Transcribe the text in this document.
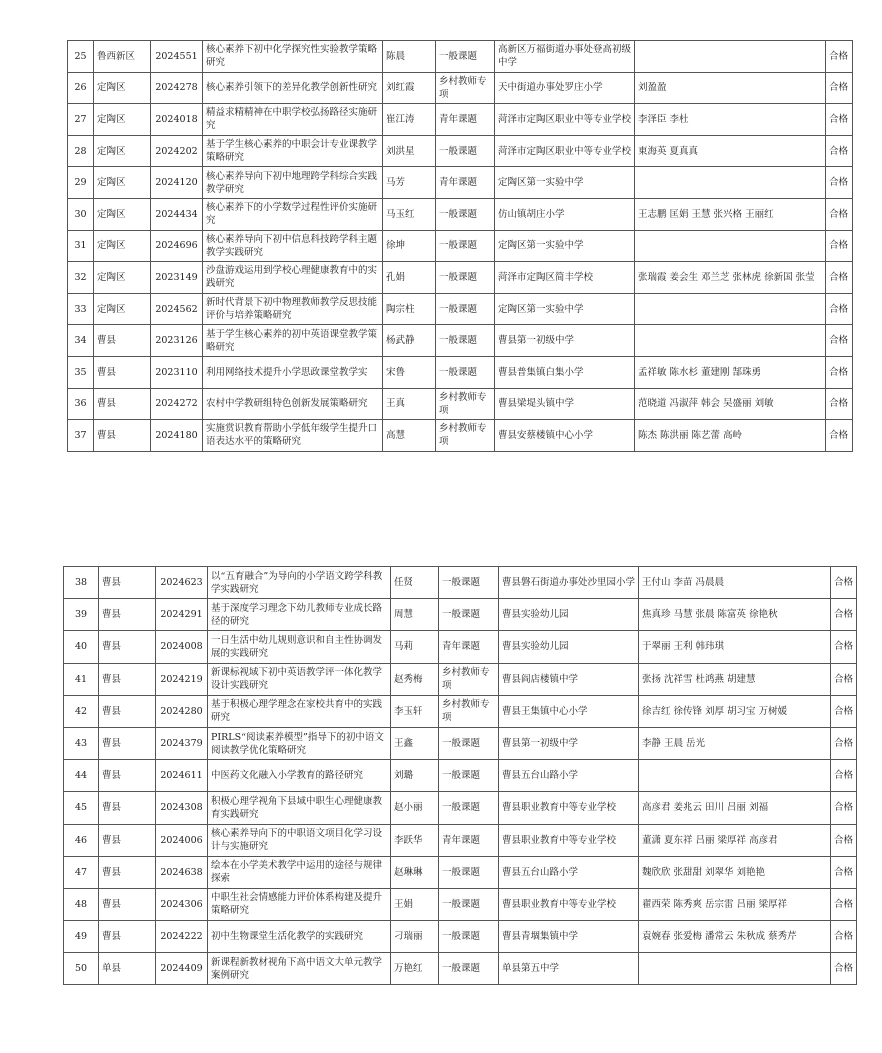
25	鲁西新区	2024551	核心素养下初中化学探究性实验教学策略研究	陈晨	一般课题	高新区万福街道办事处登高初级中学		合格
26	定陶区	2024278	核心素养引领下的差异化教学创新性研究	刘红霞	乡村教师专项	天中街道办事处罗庄小学	刘盈盈	合格
27	定陶区	2024018	精益求精精神在中职学校弘扬路径实施研究	崔江涛	青年课题	菏泽市定陶区职业中等专业学校	李泽臣 李杜	合格
28	定陶区	2024202	基于学生核心素养的中职会计专业课教学策略研究	刘洪星	一般课题	菏泽市定陶区职业中等专业学校	東海英 夏真真	合格
29	定陶区	2024120	核心素养导向下初中地理跨学科综合实践教学研究	马芳	青年课题	定陶区第一实验中学		合格
30	定陶区	2024434	核心素养下的小学数学过程性评价实施研究	马玉红	一般课题	仿山镇胡庄小学	王志鹏 匡娟 王慧 张兴格 王丽红	合格
31	定陶区	2024696	核心素养导向下初中信息科技跨学科主题教学实践研究	徐坤	一般课题	定陶区第一实验中学		合格
32	定陶区	2023149	沙盘游戏运用到学校心理健康教育中的实践研究	孔娟	一般课题	菏泽市定陶区简丰学校	张瑞霞 姜会生 邓兰芝 张林虎 徐新国 张莹	合格
33	定陶区	2024562	新时代背景下初中物理教师教学反思技能评价与培养策略研究	陶宗柱	一般课题	定陶区第一实验中学		合格
34	曹县	2023126	基于学生核心素养的初中英语课堂教学策略研究	杨武静	一般课题	曹县第一初级中学		合格
35	曹县	2023110	利用网络技术提升小学思政课堂教学实	宋鲁	一般课题	曹县普集镇白集小学	孟祥敏 陈水杉 董建刚 郜珠勇	合格
36	曹县	2024272	农村中学教研组特色创新发展策略研究	王真	乡村教师专项	曹县梁堤头镇中学	范晓道 冯淑萍 韩会 吴盛丽 刘敏	合格
37	曹县	2024180	实施赏识教育帮助小学低年级学生提升口语表达水平的策略研究	高慧	乡村教师专项	曹县安蔡楼镇中心小学	陈杰 陈洪丽 陈艺蕾 高岭	合格
38	曹县	2024623	以“五育融合”为导向的小学语文跨学科教学实践研究	任贤	一般课题	曹县磐石街道办事处沙里园小学	王付山 李苗 冯晨晨	合格
39	曹县	2024291	基于深度学习理念下幼儿教师专业成长路径的研究	周慧	一般课题	曹县实验幼儿园	焦真珍 马慧 张晨 陈富英 徐艳秋	合格
40	曹县	2024008	一日生活中幼儿规则意识和自主性协调发展的实践研究	马莉	青年课题	曹县实验幼儿园	于翠丽 王利 韩玮琪	合格
41	曹县	2024219	新课标视域下初中英语教学评一体化教学设计实践研究	赵秀梅	乡村教师专项	曹县阎店楼镇中学	张扬 沈祥雪 杜鸿燕 胡建慧	合格
42	曹县	2024280	基于积极心理学理念在家校共育中的实践研究	李玉轩	乡村教师专项	曹县王集镇中心小学	徐吉红 徐传锋 刘厚 胡习宝 万树媛	合格
43	曹县	2024379	PIRLS“阅读素养模型”指导下的初中语文阅读教学优化策略研究	王鑫	一般课题	曹县第一初级中学	李静 王晨 岳光	合格
44	曹县	2024611	中医药文化融入小学教育的路径研究	刘璐	一般课题	曹县五台山路小学		合格
45	曹县	2024308	积极心理学视角下县域中职生心理健康教育实践研究	赵小丽	一般课题	曹县职业教育中等专业学校	高彦君 姜兆云 田川 吕丽 刘福	合格
46	曹县	2024006	核心素养导向下的中职语文项目化学习设计与实施研究	李跃华	青年课题	曹县职业教育中等专业学校	董潇 夏东祥 吕丽 梁厚祥 高彦君	合格
47	曹县	2024638	绘本在小学美术教学中运用的途径与规律探索	赵琳琳	一般课题	曹县五台山路小学	魏欣欣 张甜甜 刘翠华 刘艳艳	合格
48	曹县	2024306	中职生社会情感能力评价体系构建及提升策略研究	王娟	一般课题	曹县职业教育中等专业学校	翟西荣 陈秀爽 岳宗雷 吕丽 梁厚祥	合格
49	曹县	2024222	初中生物课堂生活化教学的实践研究	刁瑞丽	一般课题	曹县青堌集镇中学	袁婉春 张爱梅 潘常云 朱秋成 蔡秀芹	合格
50	单县	2024409	新课程新教材视角下高中语文大单元教学案例研究	万艳红	一般课题	单县第五中学		合格
